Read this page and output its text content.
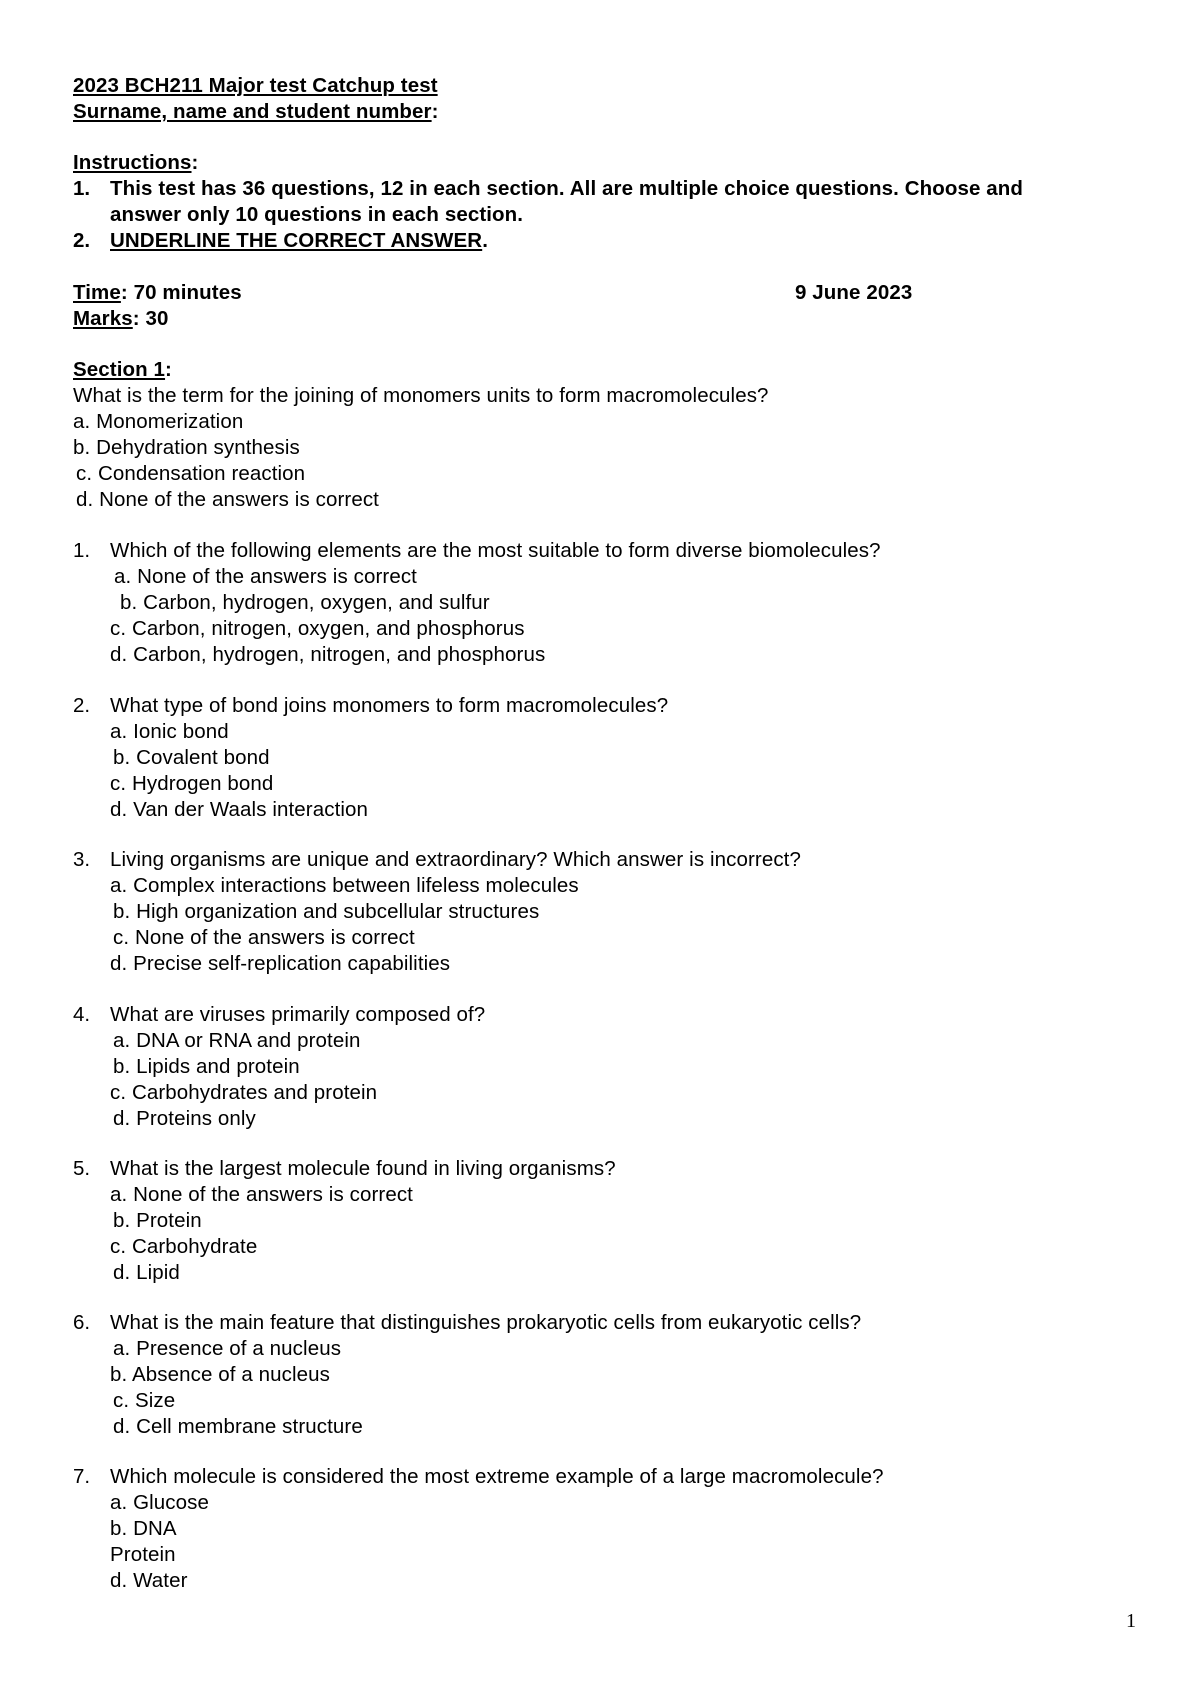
2023 BCH211 Major test Catchup test
Surname, name and student number:
Instructions:
1. This test has 36 questions, 12 in each section. All are multiple choice questions. Choose and
answer only 10 questions in each section.
2. UNDERLINE THE CORRECT ANSWER.
Time: 70 minutes	9 June 2023
Marks: 30
Section 1:
What is the term for the joining of monomers units to form macromolecules?
a. Monomerization
b. Dehydration synthesis
c. Condensation reaction
d. None of the answers is correct
1. Which of the following elements are the most suitable to form diverse biomolecules?
a. None of the answers is correct
b. Carbon, hydrogen, oxygen, and sulfur
c. Carbon, nitrogen, oxygen, and phosphorus
d. Carbon, hydrogen, nitrogen, and phosphorus
2. What type of bond joins monomers to form macromolecules?
a. Ionic bond
b. Covalent bond
c. Hydrogen bond
d. Van der Waals interaction
3. Living organisms are unique and extraordinary? Which answer is incorrect?
a. Complex interactions between lifeless molecules
b. High organization and subcellular structures
c. None of the answers is correct
d. Precise self-replication capabilities
4. What are viruses primarily composed of?
a. DNA or RNA and protein
b. Lipids and protein
c. Carbohydrates and protein
d. Proteins only
5. What is the largest molecule found in living organisms?
a. None of the answers is correct
b. Protein
c. Carbohydrate
d. Lipid
6. What is the main feature that distinguishes prokaryotic cells from eukaryotic cells?
a. Presence of a nucleus
b. Absence of a nucleus
c. Size
d. Cell membrane structure
7. Which molecule is considered the most extreme example of a large macromolecule?
a. Glucose
b. DNA
Protein
d. Water
1
